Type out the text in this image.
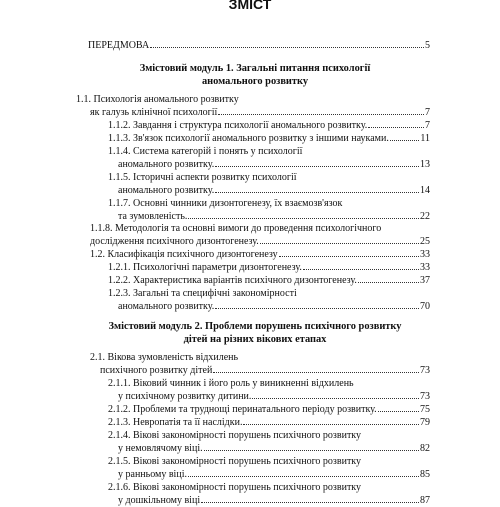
ЗМІСТ
ПЕРЕДМОВА	5
Змістовий модуль 1. Загальні питання психології
аномального розвитку
1.1. Психологія аномального розвитку
як галузь клінічної психології	7
1.1.2. Завдання і структура психології аномального розвитку.	7
1.1.3. Зв'язок психології аномального розвитку з іншими науками.	11
1.1.4. Система категорій і понять у психології
аномального розвитку.	13
1.1.5. Історичні аспекти розвитку психології
аномального розвитку.	14
1.1.7. Основні чинники дизонтогенезу, їх взаємозв'язок
та зумовленість.	22
1.1.8. Методологія та основні вимоги до проведення психологічного
дослідження психічного дизонтогенезу.	25
1.2. Класифікація психічного дизонтогенезу	33
1.2.1. Психологічні параметри дизонтогенезу.	33
1.2.2. Характеристика варіантів психічного дизонтогенезу.	37
1.2.3. Загальні та специфічні закономірності
аномального розвитку.	70
Змістовий модуль 2. Проблеми порушень психічного розвитку
дітей на різних вікових етапах
2.1. Вікова зумовленість відхилень
психічного розвитку дітей	73
2.1.1. Віковий чинник і його роль у виникненні відхилень
у психічному розвитку дитини.	73
2.1.2. Проблеми та труднощі перинатального періоду розвитку.	75
2.1.3. Невропатія та її наслідки.	79
2.1.4. Вікові закономірності порушень психічного розвитку
у немовлячому віці.	82
2.1.5. Вікові закономірності порушень психічного розвитку
у ранньому віці.	85
2.1.6. Вікові закономірності порушень психічного розвитку
у дошкільному віці	87
